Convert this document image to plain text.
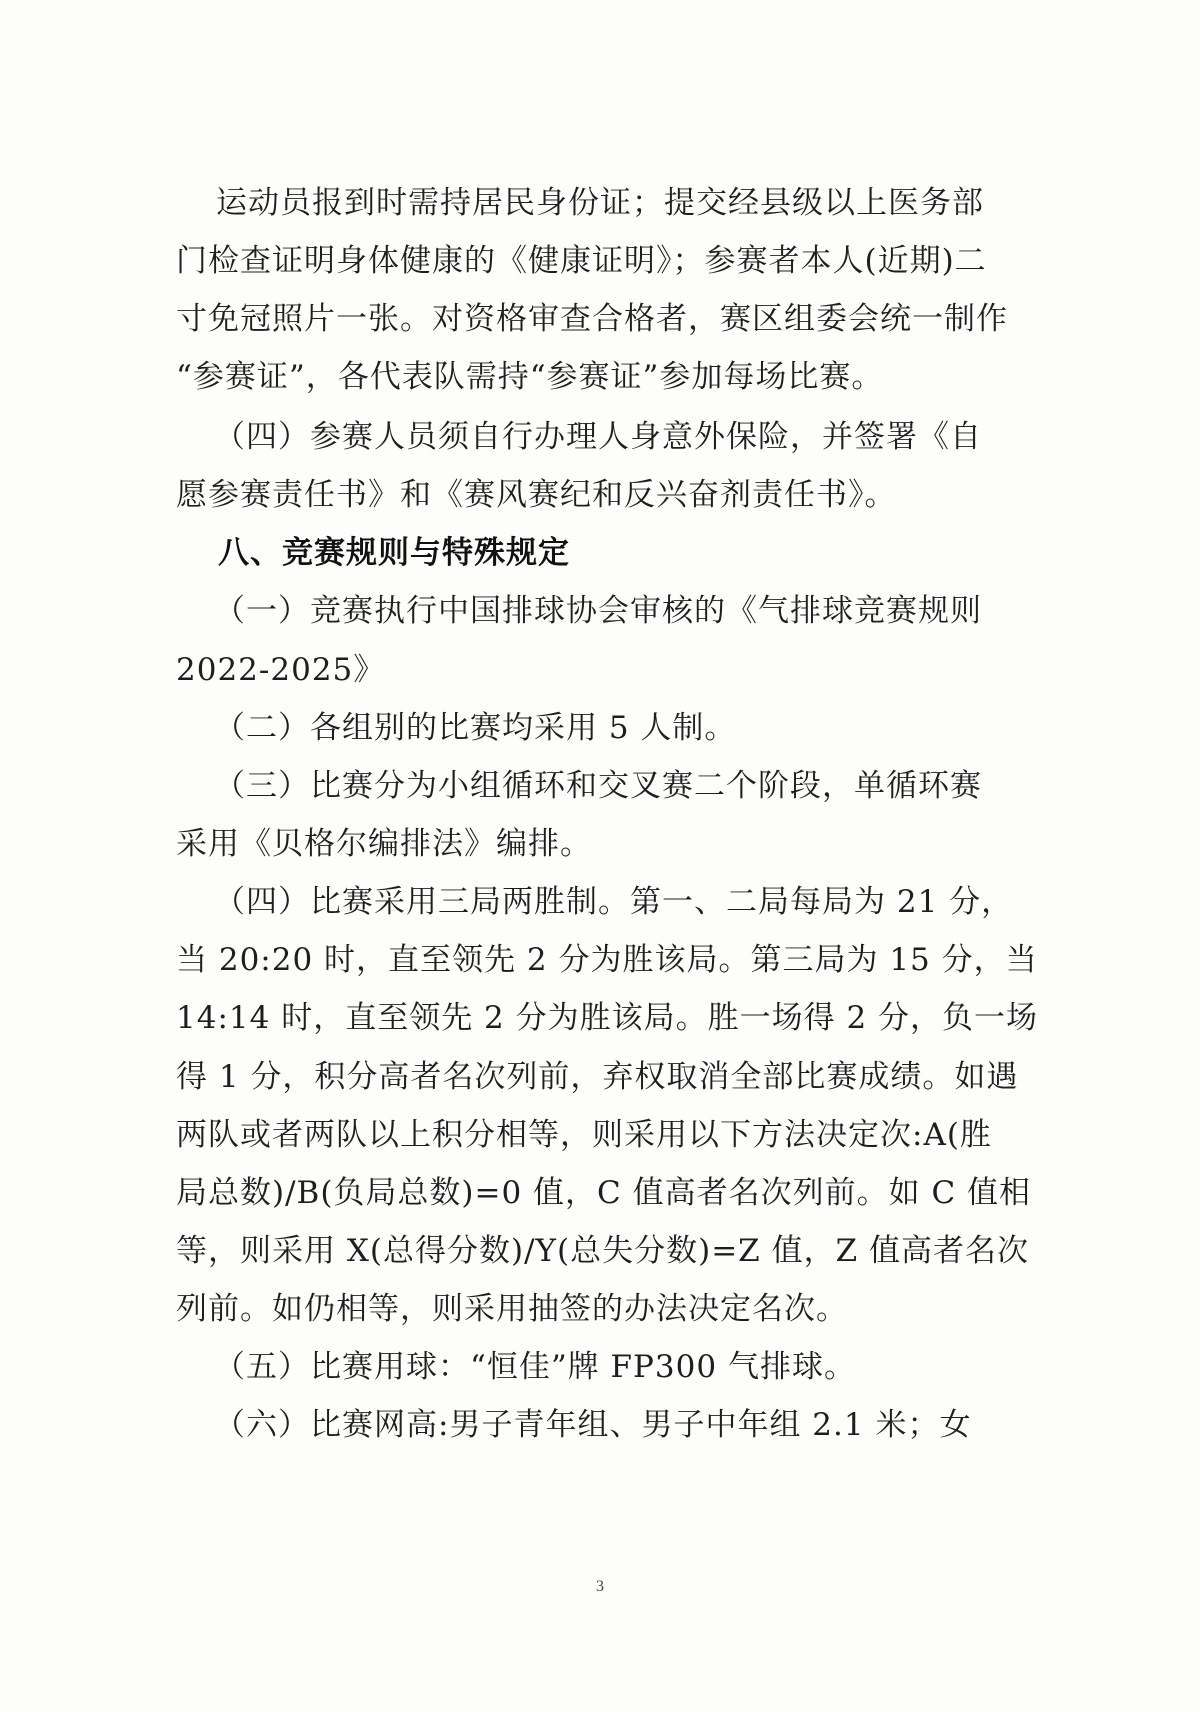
运动员报到时需持居民身份证；提交经县级以上医务部
门检查证明身体健康的《健康证明》；参赛者本人(近期)二
寸免冠照片一张。对资格审查合格者，赛区组委会统一制作
“参赛证”，各代表队需持“参赛证”参加每场比赛。
（四）参赛人员须自行办理人身意外保险，并签署《自
愿参赛责任书》和《赛风赛纪和反兴奋剂责任书》。
八、竞赛规则与特殊规定
（一）竞赛执行中国排球协会审核的《气排球竞赛规则
2022-2025》
（二）各组别的比赛均采用 5 人制。
（三）比赛分为小组循环和交叉赛二个阶段，单循环赛
采用《贝格尔编排法》编排。
（四）比赛采用三局两胜制。第一、二局每局为 21 分，
当 20:20 时，直至领先 2 分为胜该局。第三局为 15 分，当
14:14 时，直至领先 2 分为胜该局。胜一场得 2 分，负一场
得 1 分，积分高者名次列前，弃权取消全部比赛成绩。如遇
两队或者两队以上积分相等，则采用以下方法决定次:A(胜
局总数)/B(负局总数)=0 值，C 值高者名次列前。如 C 值相
等，则采用 X(总得分数)/Y(总失分数)=Z 值，Z 值高者名次
列前。如仍相等，则采用抽签的办法决定名次。
（五）比赛用球：“恒佳”牌 FP300 气排球。
（六）比赛网高:男子青年组、男子中年组 2.1 米；女
3
